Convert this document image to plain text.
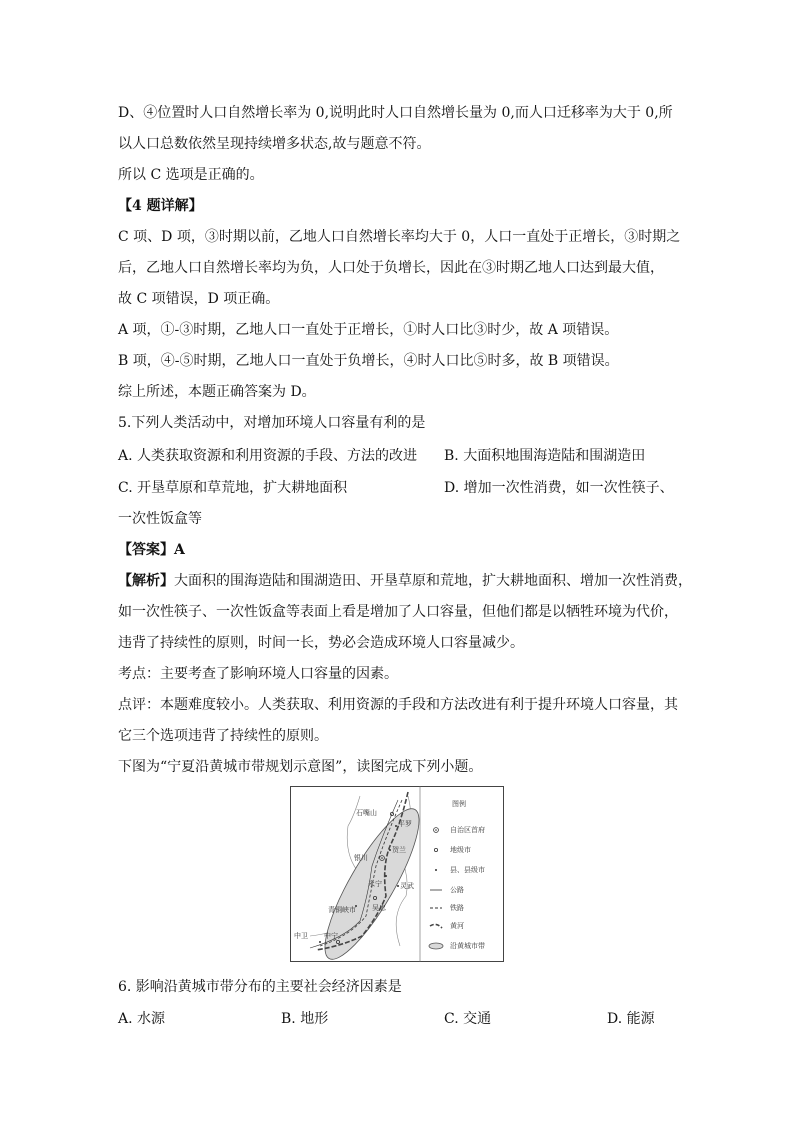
D、④位置时人口自然增长率为 0,说明此时人口自然增长量为 0,而人口迁移率为大于 0,所
以人口总数依然呈现持续增多状态,故与题意不符。
所以 C 选项是正确的。
【4 题详解】
C 项、D 项，③时期以前，乙地人口自然增长率均大于 0，人口一直处于正增长，③时期之
后，乙地人口自然增长率均为负，人口处于负增长，因此在③时期乙地人口达到最大值，
故 C 项错误，D 项正确。
A 项，①-③时期，乙地人口一直处于正增长，①时人口比③时少，故 A 项错误。
B 项，④-⑤时期，乙地人口一直处于负增长，④时人口比⑤时多，故 B 项错误。
综上所述，本题正确答案为 D。
5.下列人类活动中，对增加环境人口容量有利的是
A. 人类获取资源和利用资源的手段、方法的改进 B. 大面积地围海造陆和围湖造田
C. 开垦草原和草荒地，扩大耕地面积	D. 增加一次性消费，如一次性筷子、
一次性饭盒等
【答案】A
【解析】大面积的围海造陆和围湖造田、开垦草原和荒地，扩大耕地面积、增加一次性消费，
如一次性筷子、一次性饭盒等表面上看是增加了人口容量，但他们都是以牺牲环境为代价，
违背了持续性的原则，时间一长，势必会造成环境人口容量减少。
考点：主要考查了影响环境人口容量的因素。
点评：本题难度较小。人类获取、利用资源的手段和方法改进有利于提升环境人口容量，其
它三个选项违背了持续性的原则。
下图为“宁夏沿黄城市带规划示意图”，读图完成下列小题。
石嘴山
平罗
贺兰
银川
永宁	灵武
青铜峡市 吴忠
中卫 中宁
图例
自治区首府
地级市
县、县级市
公路
铁路
黄河
沿黄城市带
6. 影响沿黄城市带分布的主要社会经济因素是
A. 水源	B. 地形	C. 交通	D. 能源
